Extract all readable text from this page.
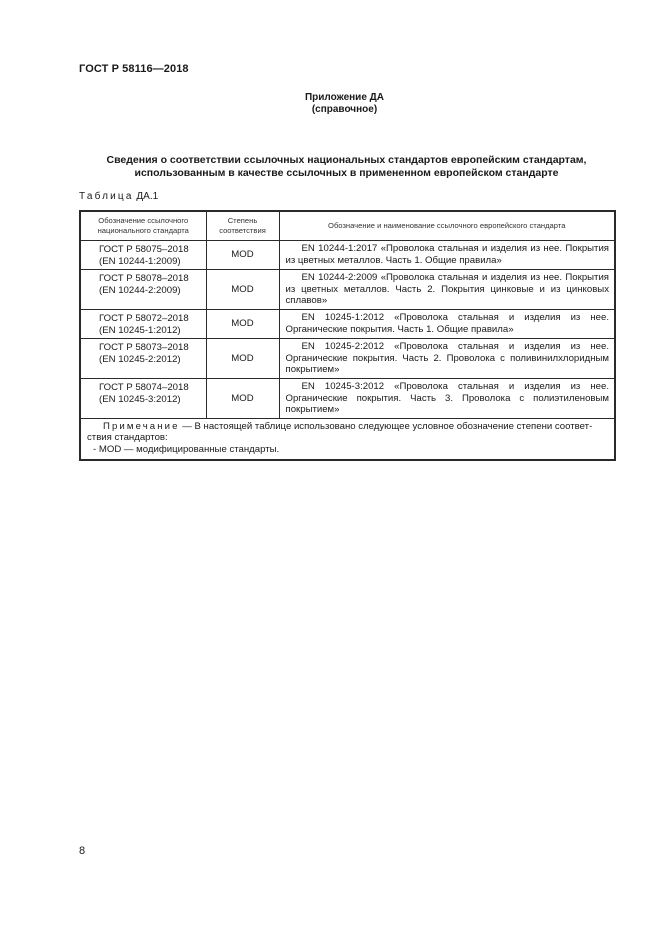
ГОСТ Р 58116—2018
Приложение ДА
(справочное)
Сведения о соответствии ссылочных национальных стандартов европейским стандартам,
использованным в качестве ссылочных в примененном европейском стандарте
Таблица ДА.1
Обозначение ссылочного национального стандарта	Степень соответствия	Обозначение и наименование ссылочного европейского стандарта

ГОСТ Р 58075–2018
(EN 10244-1:2009)	MOD	EN 10244-1:2017 «Проволока стальная и изделия из нее. Покрытия из цветных металлов. Часть 1. Общие правила»

ГОСТ Р 58078–2018
(EN 10244-2:2009)	MOD	EN 10244-2:2009 «Проволока стальная и изделия из нее. Покрытия из цветных металлов. Часть 2. Покрытия цинковые и из цинковых сплавов»

ГОСТ Р 58072–2018
(EN 10245-1:2012)	MOD	EN 10245-1:2012 «Проволока стальная и изделия из нее. Органические покрытия. Часть 1. Общие правила»

ГОСТ Р 58073–2018
(EN 10245-2:2012)	MOD	EN 10245-2:2012 «Проволока стальная и изделия из нее. Органические покрытия. Часть 2. Проволока с поливинилхлоридным покрытием»

ГОСТ Р 58074–2018
(EN 10245-3:2012)	MOD	EN 10245-3:2012 «Проволока стальная и изделия из нее. Органические покрытия. Часть 3. Проволока с полиэтиленовым покрытием»
Примечание — В настоящей таблице использовано следующее условное обозначение степени соответ-
ствия стандартов:
- MOD — модифицированные стандарты.		
8
